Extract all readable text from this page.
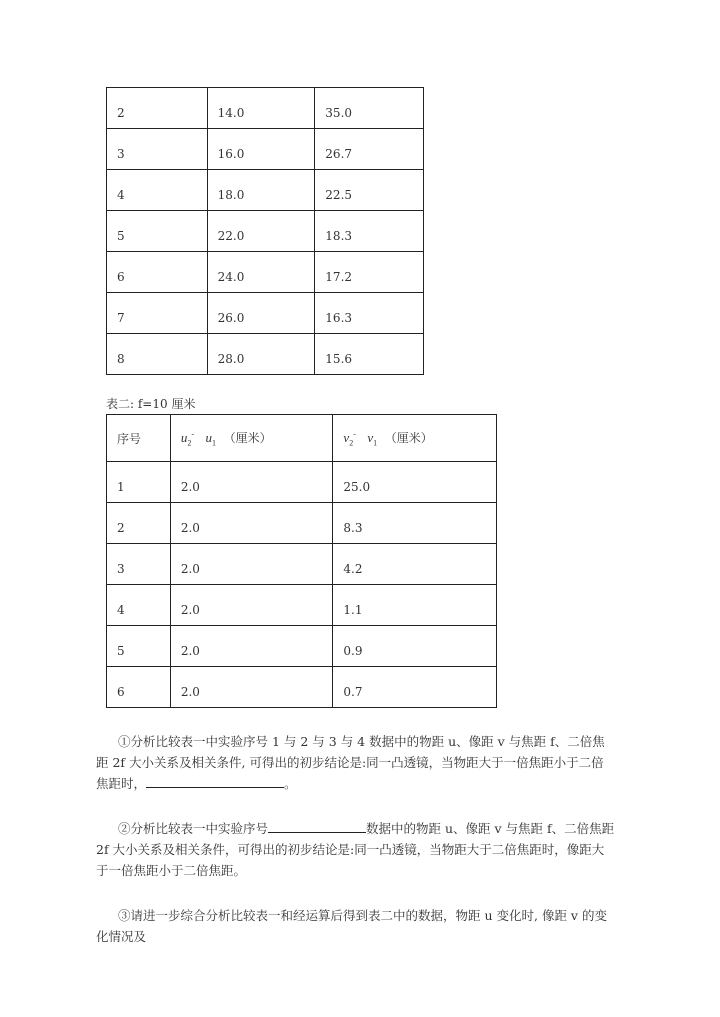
2	14.0	35.0
3	16.0	26.7
4	18.0	22.5
5	22.0	18.3
6	24.0	17.2
7	26.0	16.3
8	28.0	15.6
表二: f=10 厘米
序号	$u_2^-$ $u_1$ （厘米）	$v_2^-$ $v_1$ （厘米）
1	2.0	25.0
2	2.0	8.3
3	2.0	4.2
4	2.0	1.1
5	2.0	0.9
6	2.0	0.7
①分析比较表一中实验序号 1 与 2 与 3 与 4 数据中的物距 u、像距 v 与焦距 f、二倍焦距 2f 大小关系及相关条件, 可得出的初步结论是:同一凸透镜，当物距大于一倍焦距小于二倍焦距时，	。
②分析比较表一中实验序号	数据中的物距 u、像距 v 与焦距 f、二倍焦距 2f 大小关系及相关条件，可得出的初步结论是:同一凸透镜，当物距大于二倍焦距时，像距大于一倍焦距小于二倍焦距。
③请进一步综合分析比较表一和经运算后得到表二中的数据，物距 u 变化时, 像距 v 的变化情况及
